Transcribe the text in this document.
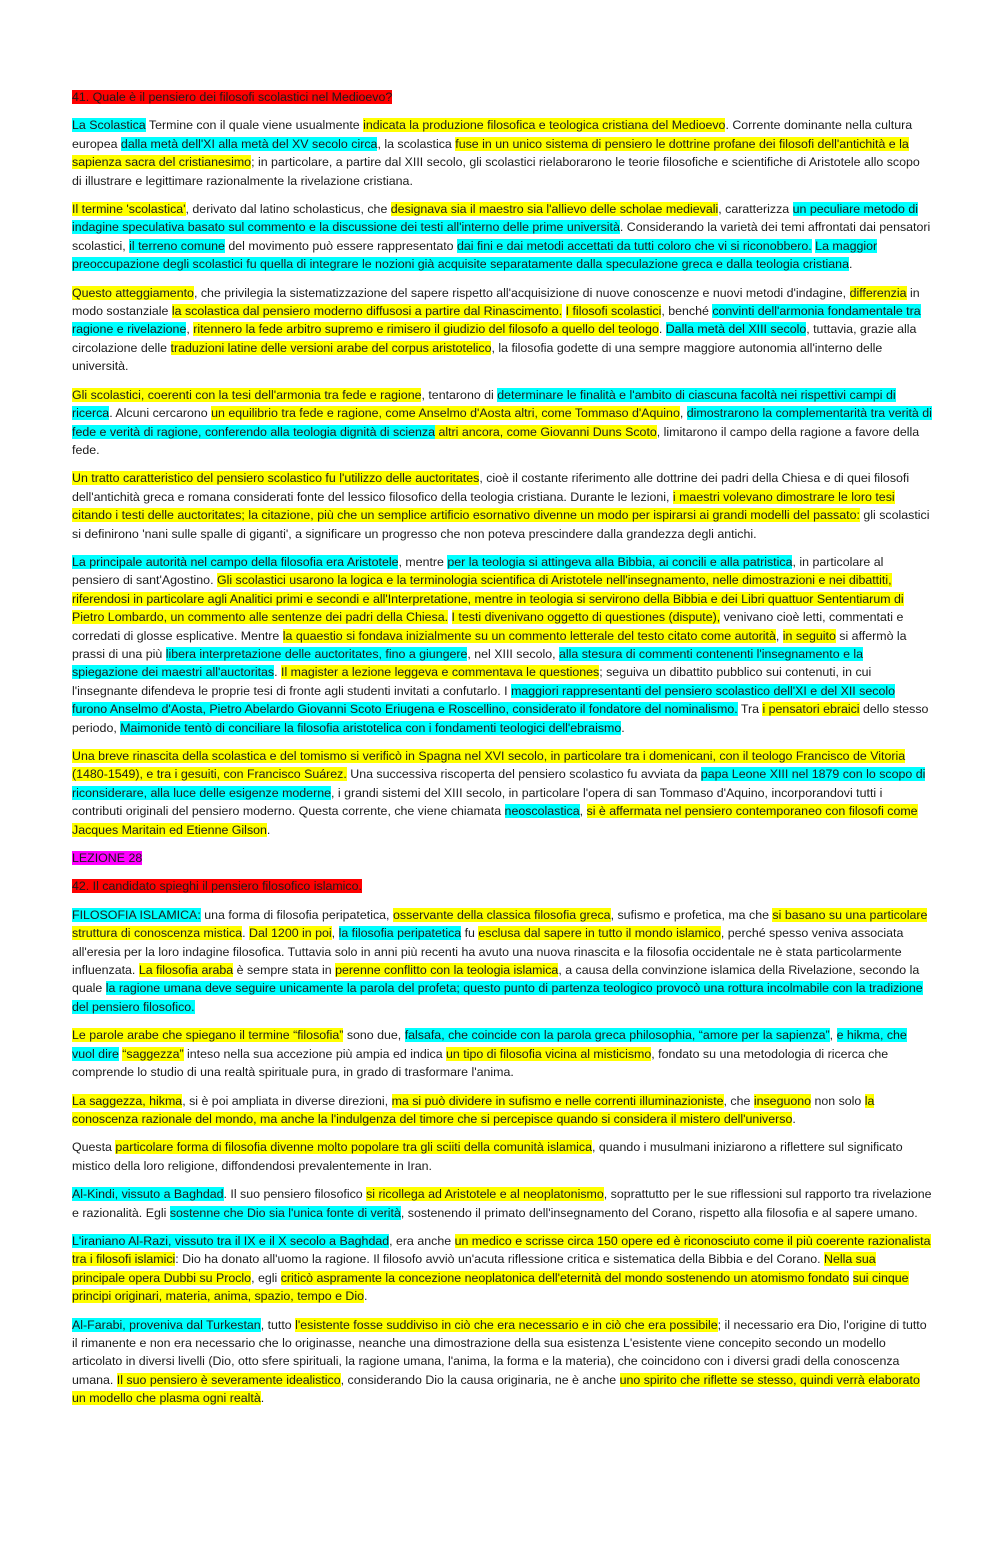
41. Quale è il pensiero dei filosofi scolastici nel Medioevo?

La Scolastica Termine con il quale viene usualmente indicata la produzione filosofica e teologica cristiana del Medioevo. Corrente dominante nella cultura europea dalla metà dell'XI alla metà del XV secolo circa, la scolastica fuse in un unico sistema di pensiero le dottrine profane dei filosofi dell'antichità e la sapienza sacra del cristianesimo; in particolare, a partire dal XIII secolo, gli scolastici rielaborarono le teorie filosofiche e scientifiche di Aristotele allo scopo di illustrare e legittimare razionalmente la rivelazione cristiana.

Il termine 'scolastica', derivato dal latino scholasticus, che designava sia il maestro sia l'allievo delle scholae medievali, caratterizza un peculiare metodo di indagine speculativa basato sul commento e la discussione dei testi all'interno delle prime università. Considerando la varietà dei temi affrontati dai pensatori scolastici, il terreno comune del movimento può essere rappresentato dai fini e dai metodi accettati da tutti coloro che vi si riconobbero. La maggior preoccupazione degli scolastici fu quella di integrare le nozioni già acquisite separatamente dalla speculazione greca e dalla teologia cristiana.

Questo atteggiamento, che privilegia la sistematizzazione del sapere rispetto all'acquisizione di nuove conoscenze e nuovi metodi d'indagine, differenzia in modo sostanziale la scolastica dal pensiero moderno diffusosi a partire dal Rinascimento. I filosofi scolastici, benché convinti dell'armonia fondamentale tra ragione e rivelazione, ritennero la fede arbitro supremo e rimisero il giudizio del filosofo a quello del teologo. Dalla metà del XIII secolo, tuttavia, grazie alla circolazione delle traduzioni latine delle versioni arabe del corpus aristotelico, la filosofia godette di una sempre maggiore autonomia all'interno delle università.

Gli scolastici, coerenti con la tesi dell'armonia tra fede e ragione, tentarono di determinare le finalità e l'ambito di ciascuna facoltà nei rispettivi campi di ricerca. Alcuni cercarono un equilibrio tra fede e ragione, come Anselmo d'Aosta altri, come Tommaso d'Aquino, dimostrarono la complementarità tra verità di fede e verità di ragione, conferendo alla teologia dignità di scienza altri ancora, come Giovanni Duns Scoto, limitarono il campo della ragione a favore della fede.

Un tratto caratteristico del pensiero scolastico fu l'utilizzo delle auctoritates, cioè il costante riferimento alle dottrine dei padri della Chiesa e di quei filosofi dell'antichità greca e romana considerati fonte del lessico filosofico della teologia cristiana. Durante le lezioni, i maestri volevano dimostrare le loro tesi citando i testi delle auctoritates; la citazione, più che un semplice artificio esornativo divenne un modo per ispirarsi ai grandi modelli del passato: gli scolastici si definirono 'nani sulle spalle di giganti', a significare un progresso che non poteva prescindere dalla grandezza degli antichi.

La principale autorità nel campo della filosofia era Aristotele, mentre per la teologia si attingeva alla Bibbia, ai concili e alla patristica, in particolare al pensiero di sant'Agostino. Gli scolastici usarono la logica e la terminologia scientifica di Aristotele nell'insegnamento, nelle dimostrazioni e nei dibattiti, riferendosi in particolare agli Analitici primi e secondi e all'Interpretatione, mentre in teologia si servirono della Bibbia e dei Libri quattuor Sententiarum di Pietro Lombardo, un commento alle sentenze dei padri della Chiesa. I testi divenivano oggetto di questiones (dispute), venivano cioè letti, commentati e corredati di glosse esplicative. Mentre la quaestio si fondava inizialmente su un commento letterale del testo citato come autorità, in seguito si affermò la prassi di una più libera interpretazione delle auctoritates, fino a giungere, nel XIII secolo, alla stesura di commenti contenenti l'insegnamento e la spiegazione dei maestri all'auctoritas. Il magister a lezione leggeva e commentava le questiones; seguiva un dibattito pubblico sui contenuti, in cui l'insegnante difendeva le proprie tesi di fronte agli studenti invitati a confutarlo. I maggiori rappresentanti del pensiero scolastico dell'XI e del XII secolo furono Anselmo d'Aosta, Pietro Abelardo Giovanni Scoto Eriugena e Roscellino, considerato il fondatore del nominalismo. Tra i pensatori ebraici dello stesso periodo, Maimonide tentò di conciliare la filosofia aristotelica con i fondamenti teologici dell'ebraismo.

Una breve rinascita della scolastica e del tomismo si verificò in Spagna nel XVI secolo, in particolare tra i domenicani, con il teologo Francisco de Vitoria (1480-1549), e tra i gesuiti, con Francisco Suárez. Una successiva riscoperta del pensiero scolastico fu avviata da papa Leone XIII nel 1879 con lo scopo di riconsiderare, alla luce delle esigenze moderne, i grandi sistemi del XIII secolo, in particolare l'opera di san Tommaso d'Aquino, incorporandovi tutti i contributi originali del pensiero moderno. Questa corrente, che viene chiamata neoscolastica, si è affermata nel pensiero contemporaneo con filosofi come Jacques Maritain ed Etienne Gilson.

LEZIONE 28

42. Il candidato spieghi il pensiero filosofico islamico.

FILOSOFIA ISLAMICA: una forma di filosofia peripatetica, osservante della classica filosofia greca, sufismo e profetica, ma che si basano su una particolare struttura di conoscenza mistica. Dal 1200 in poi, la filosofia peripatetica fu esclusa dal sapere in tutto il mondo islamico, perché spesso veniva associata all'eresia per la loro indagine filosofica. Tuttavia solo in anni più recenti ha avuto una nuova rinascita e la filosofia occidentale ne è stata particolarmente influenzata. La filosofia araba è sempre stata in perenne conflitto con la teologia islamica, a causa della convinzione islamica della Rivelazione, secondo la quale la ragione umana deve seguire unicamente la parola del profeta; questo punto di partenza teologico provocò una rottura incolmabile con la tradizione del pensiero filosofico.

Le parole arabe che spiegano il termine “filosofia” sono due, falsafa, che coincide con la parola greca philosophia, “amore per la sapienza”, e hikma, che vuol dire “saggezza” inteso nella sua accezione più ampia ed indica un tipo di filosofia vicina al misticismo, fondato su una metodologia di ricerca che comprende lo studio di una realtà spirituale pura, in grado di trasformare l'anima.

La saggezza, hikma, si è poi ampliata in diverse direzioni, ma si può dividere in sufismo e nelle correnti illuminazioniste, che inseguono non solo la conoscenza razionale del mondo, ma anche la l'indulgenza del timore che si percepisce quando si considera il mistero dell'universo.

Questa particolare forma di filosofia divenne molto popolare tra gli sciiti della comunità islamica, quando i musulmani iniziarono a riflettere sul significato mistico della loro religione, diffondendosi prevalentemente in Iran.

Al-Kindi, vissuto a Baghdad. Il suo pensiero filosofico si ricollega ad Aristotele e al neoplatonismo, soprattutto per le sue riflessioni sul rapporto tra rivelazione e razionalità. Egli sostenne che Dio sia l'unica fonte di verità, sostenendo il primato dell'insegnamento del Corano, rispetto alla filosofia e al sapere umano.

L'iraniano Al-Razi, vissuto tra il IX e il X secolo a Baghdad, era anche un medico e scrisse circa 150 opere ed è riconosciuto come il più coerente razionalista tra i filosofi islamici: Dio ha donato all'uomo la ragione. Il filosofo avviò un'acuta riflessione critica e sistematica della Bibbia e del Corano. Nella sua principale opera Dubbi su Proclo, egli criticò aspramente la concezione neoplatonica dell'eternità del mondo sostenendo un atomismo fondato sui cinque principi originari, materia, anima, spazio, tempo e Dio.

Al-Farabi, proveniva dal Turkestan, tutto l'esistente fosse suddiviso in ciò che era necessario e in ciò che era possibile; il necessario era Dio, l'origine di tutto il rimanente e non era necessario che lo originasse, neanche una dimostrazione della sua esistenza L'esistente viene concepito secondo un modello articolato in diversi livelli (Dio, otto sfere spirituali, la ragione umana, l'anima, la forma e la materia), che coincidono con i diversi gradi della conoscenza umana. Il suo pensiero è severamente idealistico, considerando Dio la causa originaria, ne è anche uno spirito che riflette se stesso, quindi verrà elaborato un modello che plasma ogni realtà.
